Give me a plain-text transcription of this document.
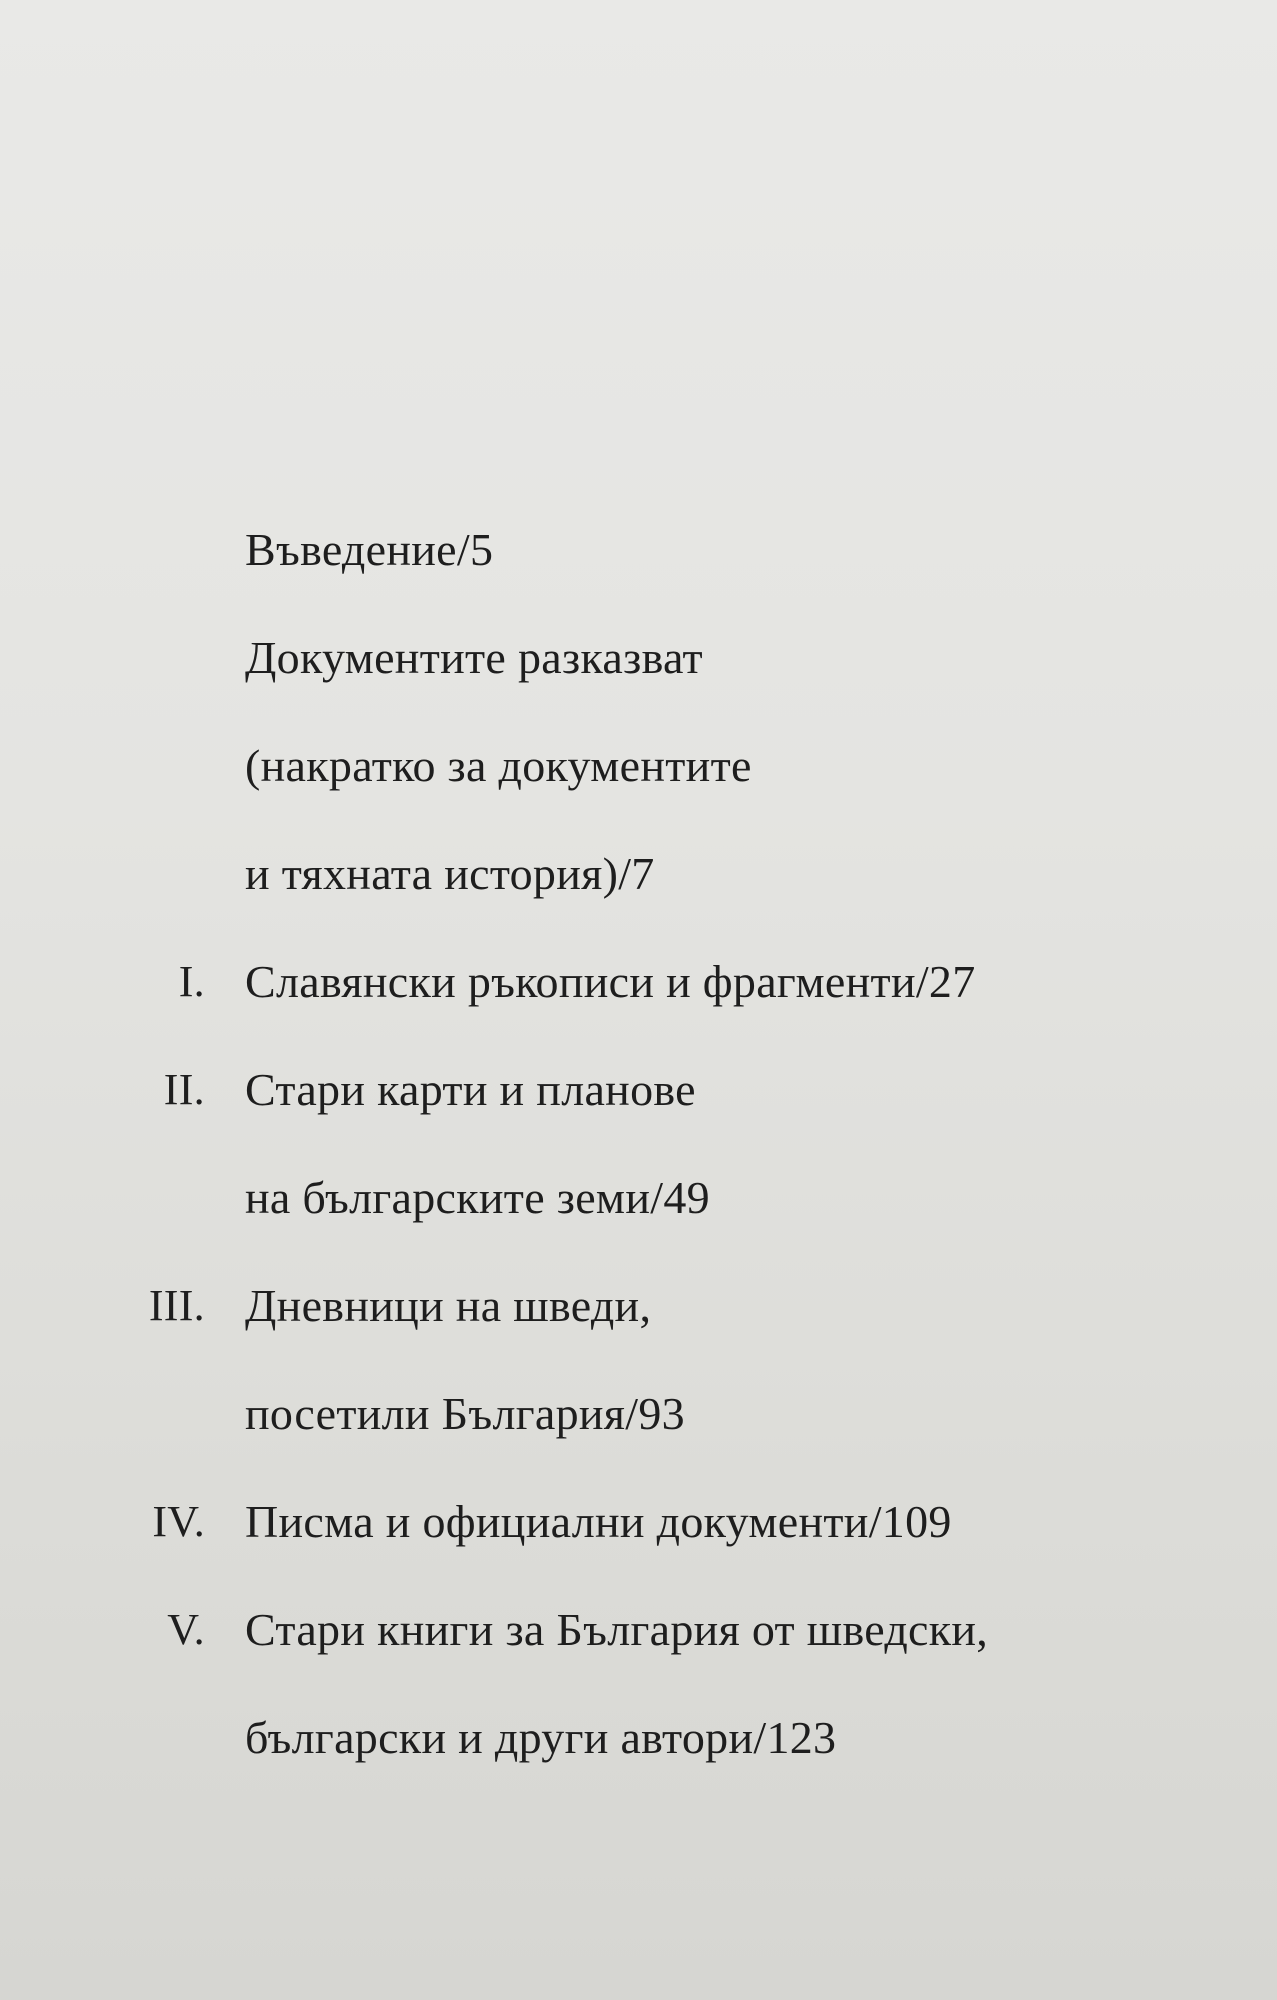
Въведение/5
Документите разказват
(накратко за документите
и тяхната история)/7
I. Славянски ръкописи и фрагменти/27
II. Стари карти и планове
на българските земи/49
III. Дневници на шведи,
посетили България/93
IV. Писма и официални документи/109
V. Стари книги за България от шведски,
български и други автори/123
